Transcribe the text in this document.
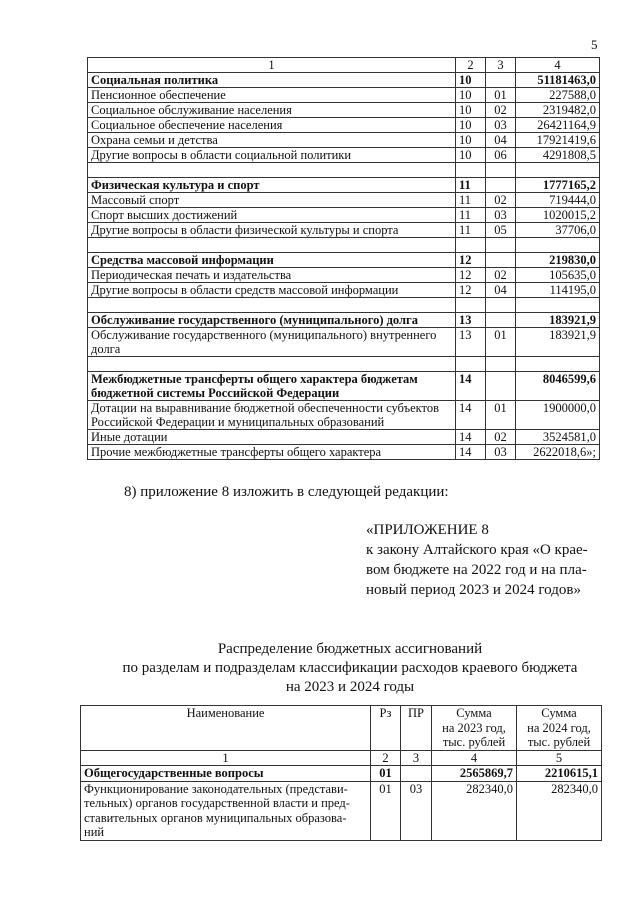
5
1	2	3	4
Социальная политика	10		51181463,0
Пенсионное обеспечение	10	01	227588,0
Социальное обслуживание населения	10	02	2319482,0
Социальное обеспечение населения	10	03	26421164,9
Охрана семьи и детства	10	04	17921419,6
Другие вопросы в области социальной политики	10	06	4291808,5

Физическая культура и спорт	11		1777165,2
Массовый спорт	11	02	719444,0
Спорт высших достижений	11	03	1020015,2
Другие вопросы в области физической культуры и спорта	11	05	37706,0

Средства массовой информации	12		219830,0
Периодическая печать и издательства	12	02	105635,0
Другие вопросы в области средств массовой информации	12	04	114195,0

Обслуживание государственного (муниципального) долга	13		183921,9
Обслуживание государственного (муниципального) внутреннего долга	13	01	183921,9

Межбюджетные трансферты общего характера бюджетам бюджетной системы Российской Федерации	14		8046599,6
Дотации на выравнивание бюджетной обеспеченности субъектов Российской Федерации и муниципальных образований	14	01	1900000,0
Иные дотации	14	02	3524581,0
Прочие межбюджетные трансферты общего характера	14	03	2622018,6»;
8) приложение 8 изложить в следующей редакции:
«ПРИЛОЖЕНИЕ 8
к закону Алтайского края «О крае-
вом бюджете на 2022 год и на пла-
новый период 2023 и 2024 годов»
Распределение бюджетных ассигнований
по разделам и подразделам классификации расходов краевого бюджета
на 2023 и 2024 годы
Наименование	Рз	ПР	Сумма
на 2023 год,
тыс. рублей	Сумма
на 2024 год,
тыс. рублей
1	2	3	4	5
Общегосударственные вопросы	01		2565869,7	2210615,1
Функционирование законодательных (представи-
тельных) органов государственной власти и пред-
ставительных органов муниципальных образова-
ний	01	03	282340,0	282340,0
